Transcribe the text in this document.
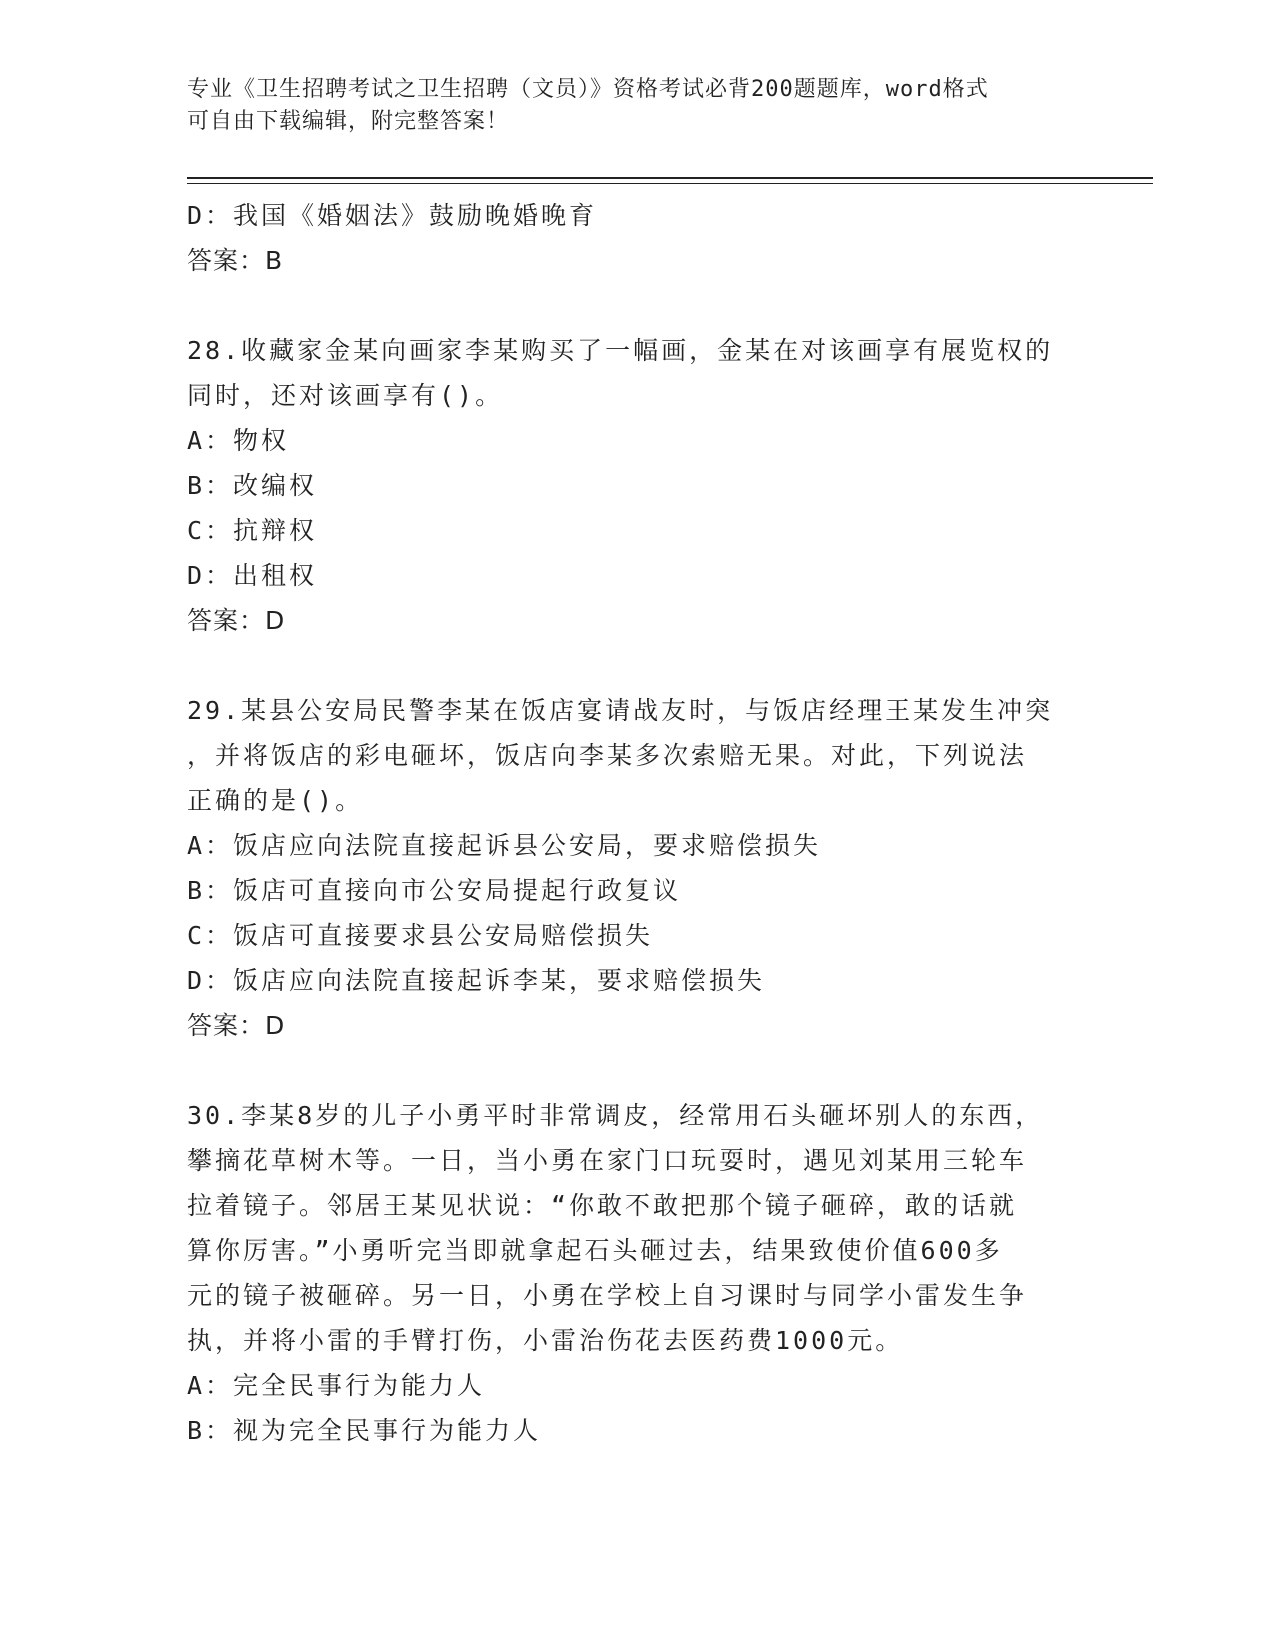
专业《卫生招聘考试之卫生招聘（文员）》资格考试必背200题题库，word格式
可自由下载编辑，附完整答案！
D：我国《婚姻法》鼓励晚婚晚育
答案：B
28.收藏家金某向画家李某购买了一幅画，金某在对该画享有展览权的
同时，还对该画享有()。
A：物权
B：改编权
C：抗辩权
D：出租权
答案：D
29.某县公安局民警李某在饭店宴请战友时，与饭店经理王某发生冲突
，并将饭店的彩电砸坏，饭店向李某多次索赔无果。对此，下列说法
正确的是()。
A：饭店应向法院直接起诉县公安局，要求赔偿损失
B：饭店可直接向市公安局提起行政复议
C：饭店可直接要求县公安局赔偿损失
D：饭店应向法院直接起诉李某，要求赔偿损失
答案：D
30.李某8岁的儿子小勇平时非常调皮，经常用石头砸坏别人的东西，
攀摘花草树木等。一日，当小勇在家门口玩耍时，遇见刘某用三轮车
拉着镜子。邻居王某见状说：“你敢不敢把那个镜子砸碎，敢的话就
算你厉害。”小勇听完当即就拿起石头砸过去，结果致使价值600多
元的镜子被砸碎。另一日，小勇在学校上自习课时与同学小雷发生争
执，并将小雷的手臂打伤，小雷治伤花去医药费1000元。
A：完全民事行为能力人
B：视为完全民事行为能力人
